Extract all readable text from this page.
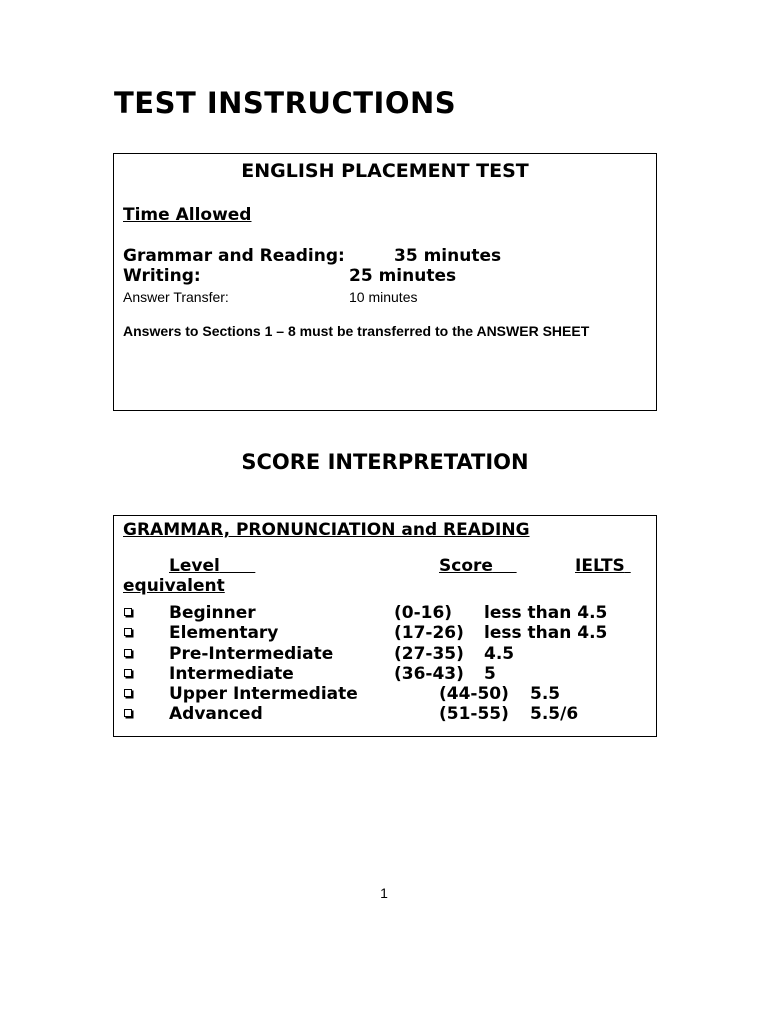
TEST INSTRUCTIONS
ENGLISH PLACEMENT TEST
Time Allowed
Grammar and Reading:	35 minutes
Writing:	25 minutes
Answer Transfer:	10 minutes
Answers to Sections 1 – 8 must be transferred to the ANSWER SHEET
SCORE INTERPRETATION
GRAMMAR, PRONUNCIATION and READING
Level	Score	IELTS
equivalent
Beginner	(0-16) less than 4.5
Elementary	(17-26) less than 4.5
Pre-Intermediate	(27-35) 4.5
Intermediate	(36-43) 5
Upper Intermediate	(44-50) 5.5
Advanced	(51-55) 5.5/6
1
